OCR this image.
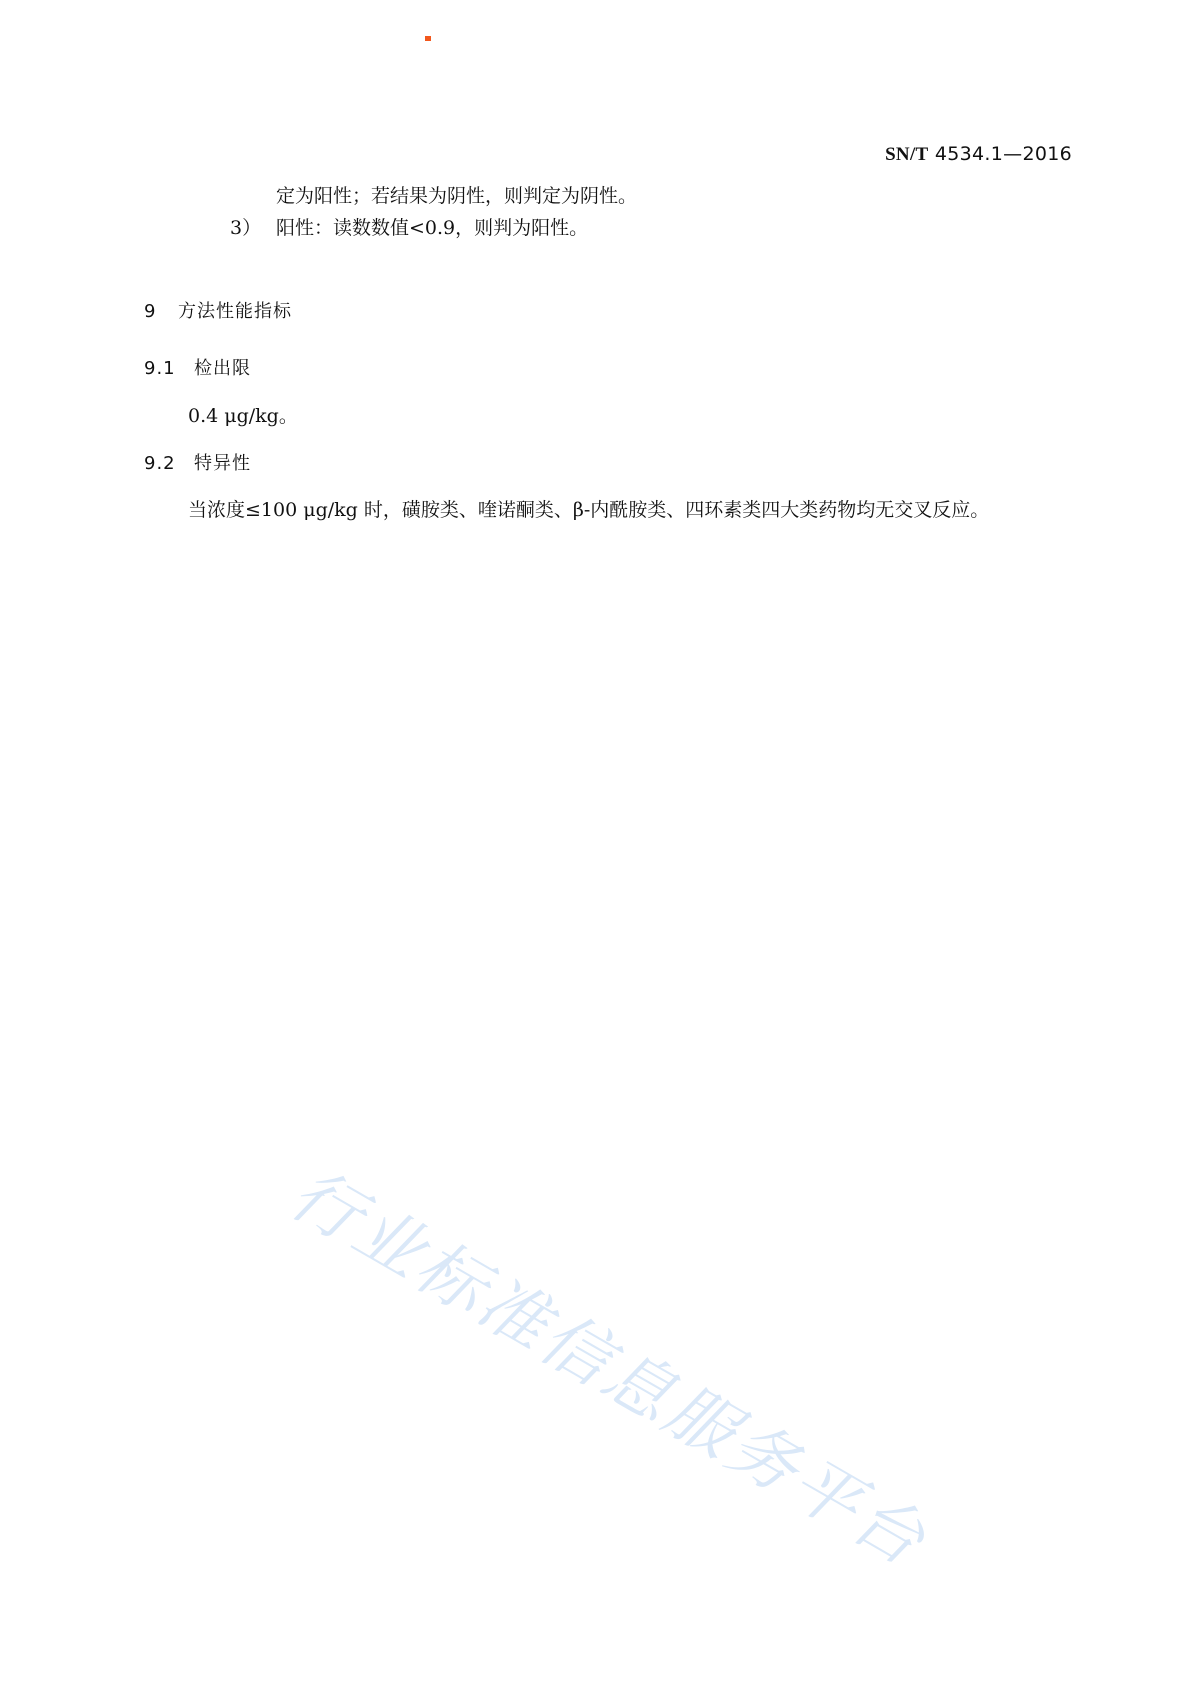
SN/T 4534.1—2016
定为阳性；若结果为阴性，则判定为阴性。
3） 阳性：读数数值<0.9，则判为阳性。
9 方法性能指标
9.1 检出限
0.4 μg/kg。
9.2 特异性
当浓度≤100 μg/kg 时，磺胺类、喹诺酮类、β-内酰胺类、四环素类四大类药物均无交叉反应。
行业标准信息服务平台
